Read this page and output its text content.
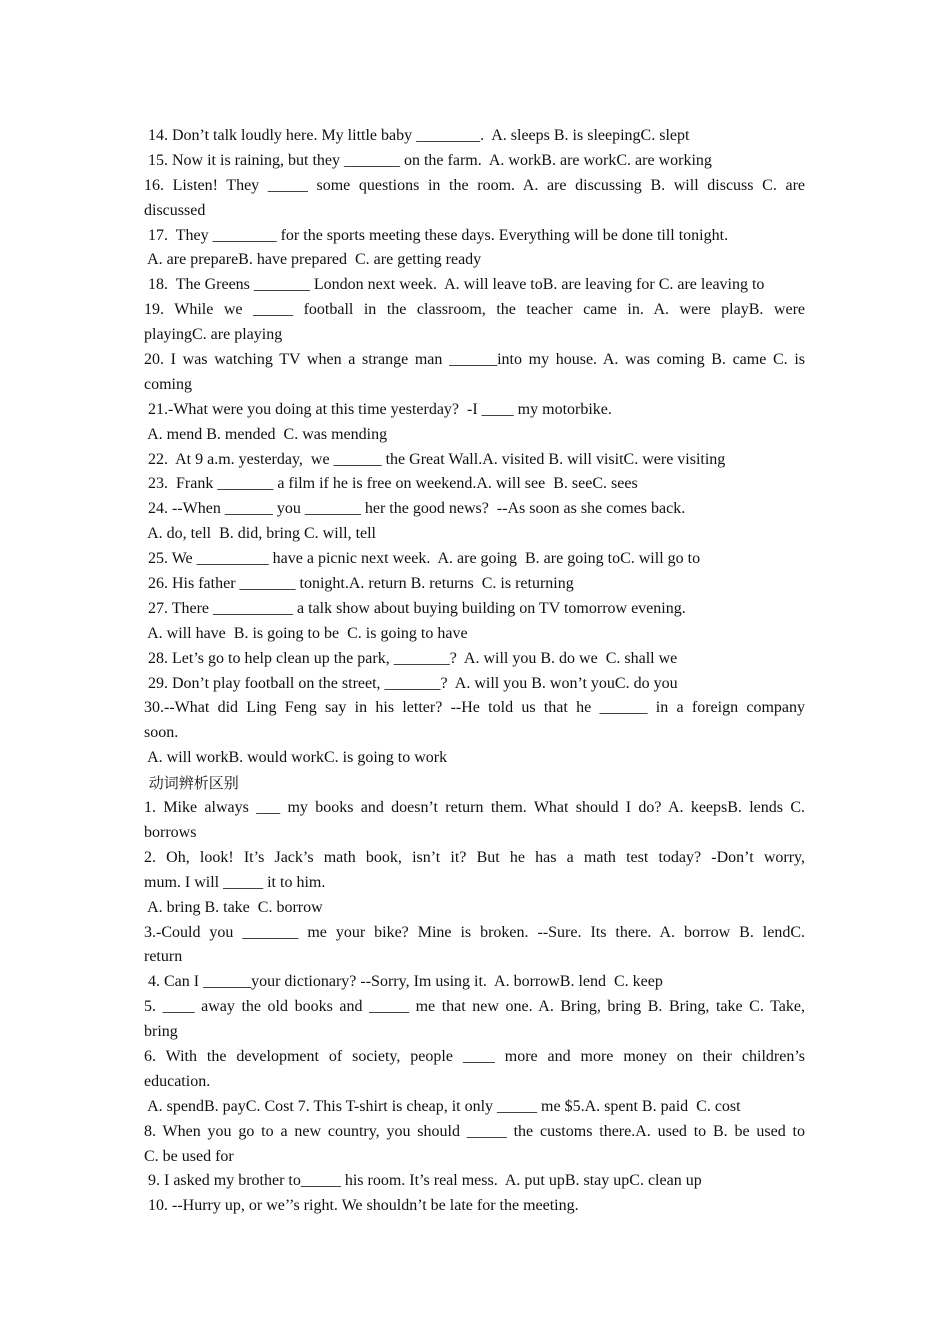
14. Don’t talk loudly here. My little baby ________.  A. sleeps B. is sleepingC. slept
15. Now it is raining, but they _______ on the farm.  A. workB. are workC. are working
16. Listen! They _____ some questions in the room. A. are discussing B. will discuss C. are
discussed
17.  They ________ for the sports meeting these days. Everything will be done till tonight.
A. are prepareB. have prepared  C. are getting ready
18.  The Greens _______ London next week.  A. will leave toB. are leaving for C. are leaving to
19. While we _____ football in the classroom, the teacher came in. A. were playB. were
playingC. are playing
20. I was watching TV when a strange man ______into my house. A. was coming B. came C. is
coming
21.-What were you doing at this time yesterday?  -I ____ my motorbike.
A. mend B. mended  C. was mending
22.  At 9 a.m. yesterday,  we ______ the Great Wall.A. visited B. will visitC. were visiting
23.  Frank _______ a film if he is free on weekend.A. will see  B. seeC. sees
24. --When ______ you _______ her the good news?  --As soon as she comes back.
A. do, tell  B. did, bring C. will, tell
25. We _________ have a picnic next week.  A. are going  B. are going toC. will go to
26. His father _______ tonight.A. return B. returns  C. is returning
27. There __________ a talk show about buying building on TV tomorrow evening.
A. will have  B. is going to be  C. is going to have
28. Let’s go to help clean up the park, _______?  A. will you B. do we  C. shall we
29. Don’t play football on the street, _______?  A. will you B. won’t youC. do you
30.--What did Ling Feng say in his letter? --He told us that he ______ in a foreign company
soon.
A. will workB. would workC. is going to work
动词辨析区别
1. Mike always ___ my books and doesn’t return them. What should I do? A. keepsB. lends C.
borrows
2. Oh, look! It’s Jack’s math book, isn’t it? But he has a math test today? -Don’t worry,
mum. I will _____ it to him.
A. bring B. take  C. borrow
3.-Could you _______ me your bike? Mine is broken. --Sure. Its there. A. borrow B. lendC.
return
4. Can I ______your dictionary? --Sorry, Im using it.  A. borrowB. lend  C. keep
5. ____ away the old books and _____ me that new one. A. Bring, bring B. Bring, take C. Take,
bring
6. With the development of society, people ____ more and more money on their children’s
education.
A. spendB. payC. Cost 7. This T-shirt is cheap, it only _____ me $5.A. spent B. paid  C. cost
8. When you go to a new country, you should _____ the customs there.A. used to B. be used to
C. be used for
9. I asked my brother to_____ his room. It’s real mess.  A. put upB. stay upC. clean up
10. --Hurry up, or we’’s right. We shouldn’t be late for the meeting.
